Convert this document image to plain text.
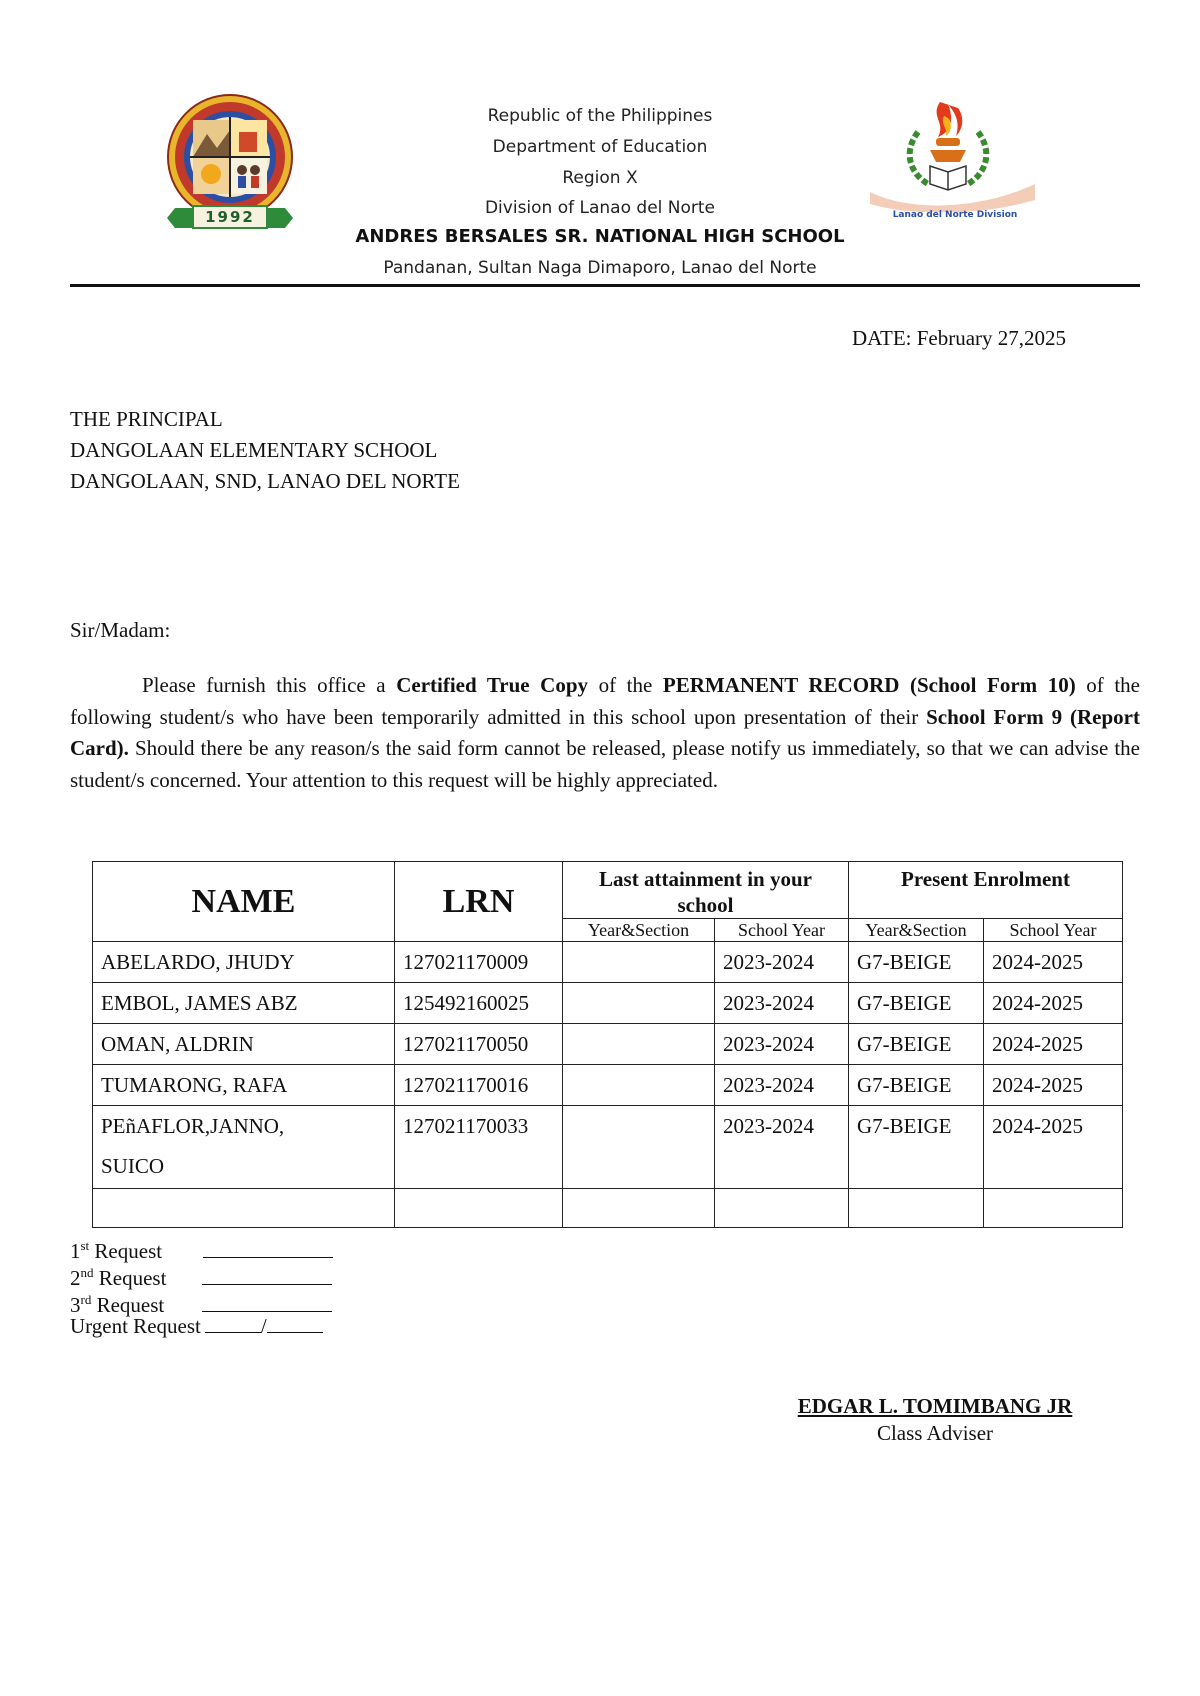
1992	Lanao del Norte Division
Republic of the Philippines
Department of Education
Region X
Division of Lanao del Norte
ANDRES BERSALES SR. NATIONAL HIGH SCHOOL
Pandanan, Sultan Naga Dimaporo, Lanao del Norte
DATE: February 27,2025
THE PRINCIPAL
DANGOLAAN ELEMENTARY SCHOOL
DANGOLAAN, SND, LANAO DEL NORTE
Sir/Madam:
Please furnish this office a Certified True Copy of the PERMANENT RECORD (School Form 10) of the following student/s who have been temporarily admitted in this school upon presentation of their School Form 9 (Report Card). Should there be any reason/s the said form cannot be released, please notify us immediately, so that we can advise the student/s concerned. Your attention to this request will be highly appreciated.
NAME	LRN	Last attainment in your school		Present Enrolment	
		Year&Section	School Year	Year&Section	School Year
ABELARDO, JHUDY	127021170009		2023-2024	G7-BEIGE	2024-2025
EMBOL, JAMES ABZ	125492160025		2023-2024	G7-BEIGE	2024-2025
OMAN, ALDRIN	127021170050		2023-2024	G7-BEIGE	2024-2025
TUMARONG, RAFA	127021170016		2023-2024	G7-BEIGE	2024-2025

PEñAFLOR,JANNO,
SUICO	127021170033		2023-2024	G7-BEIGE	2024-2025

1st Request
2nd Request
3rd Request
Urgent Request	/
EDGAR L. TOMIMBANG JR
Class Adviser
